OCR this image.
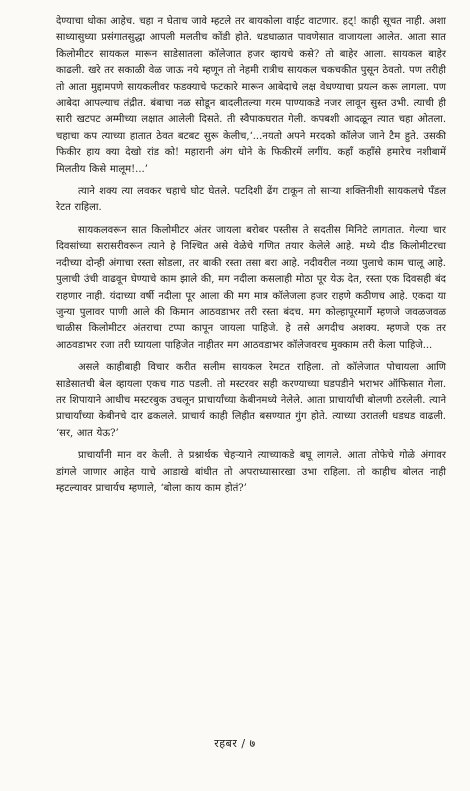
देण्याचा धोका आहेच. चहा न घेताच जावे म्हटले तर बायकोला वाईट वाटणार. हट्! काही सूचत नाही. अशा साध्यासुध्या प्रसंगातसुद्धा आपली मलतीच कोंडी होते. धडधाळात पावणेसात वाजायला आलेत. आता सात किलोमीटर सायकल मारून साडेसातला कॉलेजात हजर व्हायचे कसे? तो बाहेर आला. सायकल बाहेर काढली. खरे तर सकाळी वेळ जाऊ नये म्हणून तो नेहमी रात्रीच सायकल चकचकीत पुसून ठेवतो. पण तरीही तो आता मुद्दामपणे सायकलीवर फडक्याचे फटकारे मारून आबेदाचे लक्ष वेधण्याचा प्रयत्न करू लागला. पण आबेदा आपल्याच तंद्रीत. बंबाचा नळ सोडून बादलीतल्या गरम पाण्याकडे नजर लावून सुस्त उभी. त्याची ही सारी खटपट अम्मीच्या लक्षात आलेली दिसते. ती स्वैपाकघरात गेली. कपबशी आदळून त्यात चहा ओतला. चहाचा कप त्याच्या हातात ठेवत बटबट सुरू केलीच,‘...नयतो अपने मरदको कॉलेज जाने टैम हुते. उसकी फिकीर हाय क्या देखो रांड को! महारानी अंग धोने के फिकीरमें लगींय. कहाँ कहाँसे हमारेच नशीबामें मिलतीय किसे मालूम!...’

त्याने शक्य त्या लवकर चहाचे घोट घेतले. पटदिशी ढेंग टाकून तो साऱ्या शक्तिनीशी सायकलचे पॅंडल रेटत राहिला.

सायकलवरून सात किलोमीटर अंतर जायला बरोबर पस्तीस ते सदतीस मिनिटे लागतात. गेल्या चार दिवसांच्या सरासरीवरून त्याने हे निश्चित असे वेळेचे गणित तयार केलेले आहे. मध्ये दीड किलोमीटरचा नदीच्या दोन्ही अंगाचा रस्ता सोडला, तर बाकी रस्ता तसा बरा आहे. नदीवरील नव्या पुलाचे काम चालू आहे. पुलाची उंची वाढवून घेण्याचे काम झाले की, मग नदीला कसलाही मोठा पूर येऊ देत, रस्ता एक दिवसही बंद राहणार नाही. यंदाच्या वर्षी नदीला पूर आला की मग मात्र कॉलेजला हजर राहणे कठीणच आहे. एकदा या जुन्या पुलावर पाणी आले की किमान आठवडाभर तरी रस्ता बंदच. मग कोल्हापूरमार्गे म्हणजे जवळजवळ चाळीस किलोमीटर अंतराचा टप्पा कापून जायला पाहिजे. हे तसे अगदीच अशक्य. म्हणजे एक तर आठवडाभर रजा तरी घ्यायला पाहिजेत नाहीतर मग आठवडाभर कॉलेजवरच मुक्काम तरी केला पाहिजे...

असले काहीबाही विचार करीत सलीम सायकल रेमटत राहिला. तो कॉलेजात पोचायला आणि साडेसातची बेल व्हायला एकच गाठ पडली. तो मस्टरवर सही करण्याच्या घडपडीने भराभर ऑफिसात गेला. तर शिपायाने आधीच मस्टरबुक उचलून प्राचार्यांच्या केबीनमध्ये नेलेले. आता प्राचार्यांची बोलणी ठरलेली. त्याने प्राचार्यांच्या केबीनचे दार ढकलले. प्राचार्य काही लिहीत बसण्यात गुंग होते. त्याच्या उरातली धडधड वाढली. ‘सर, आत येऊ?’

प्राचार्यांनी मान वर केली. ते प्रश्नार्थक चेहऱ्याने त्याच्याकडे बघू लागले. आता तोफेचे गोळे अंगावर डांगले जाणार आहेत याचे आडाखे बांधीत तो अपराध्यासारखा उभा राहिला. तो काहीच बोलत नाही म्हटल्यावर प्राचार्यच म्हणाले, ‘बोला काय काम होतं?’

रहबर / ७
